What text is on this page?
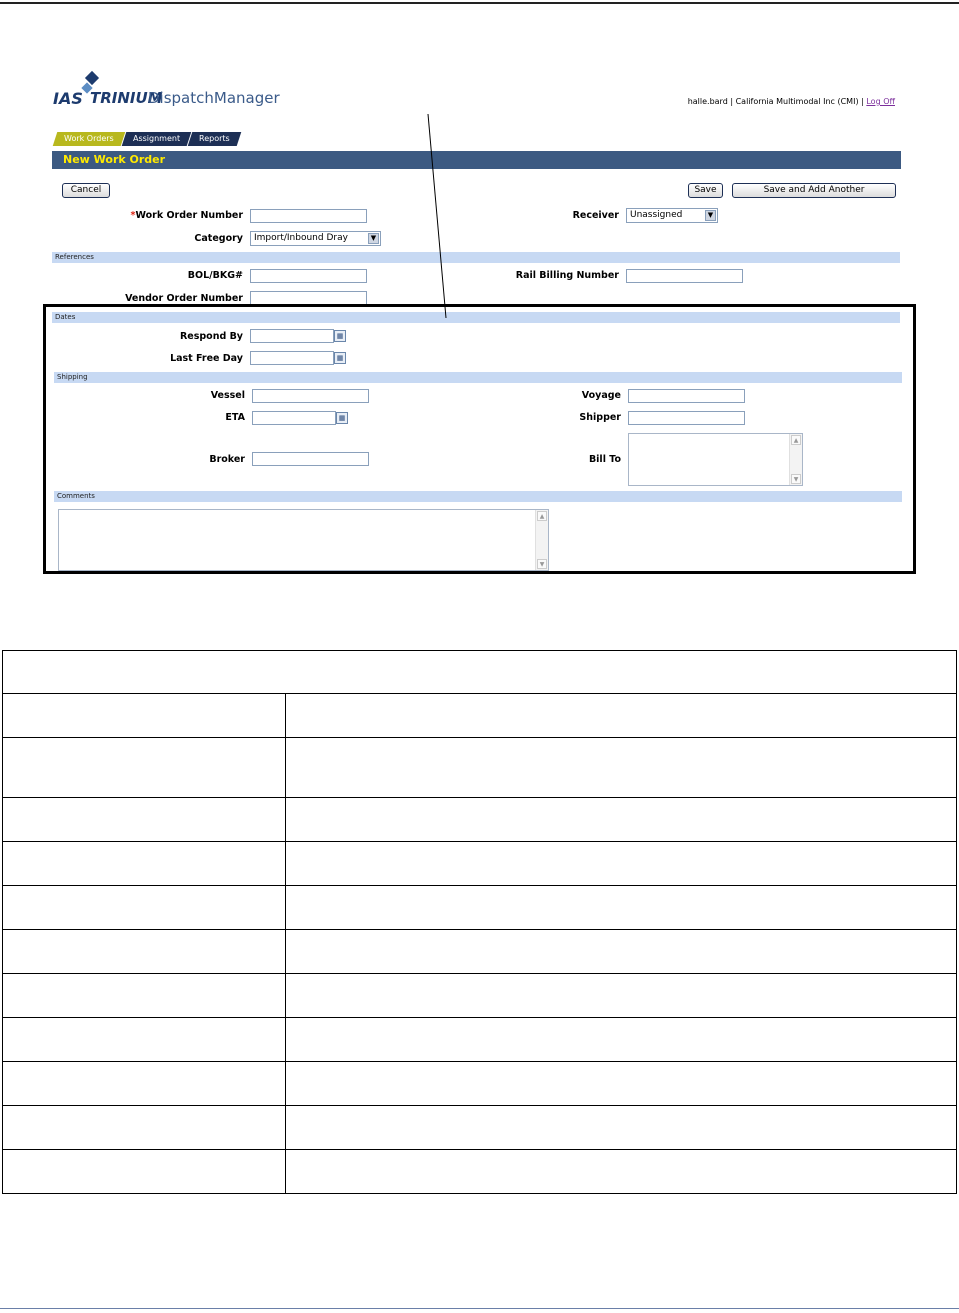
IAS TRINIUM
DispatchManager	halle.bard | California Multimodal Inc (CMI) | Log Off
Work Orders	Assignment	Reports
New Work Order
Cancel	Save	Save and Add Another
*Work Order Number	Receiver	Unassigned	▼
Category	Import/Inbound Dray	▼
References
BOL/BKG#	Rail Billing Number
Vendor Order Number
Dates
Respond By	▦
Last Free Day	▦
Shipping
Vessel	Voyage
ETA	▦	Shipper
Broker	Bill To
▲
▼
Comments
▲
▼
